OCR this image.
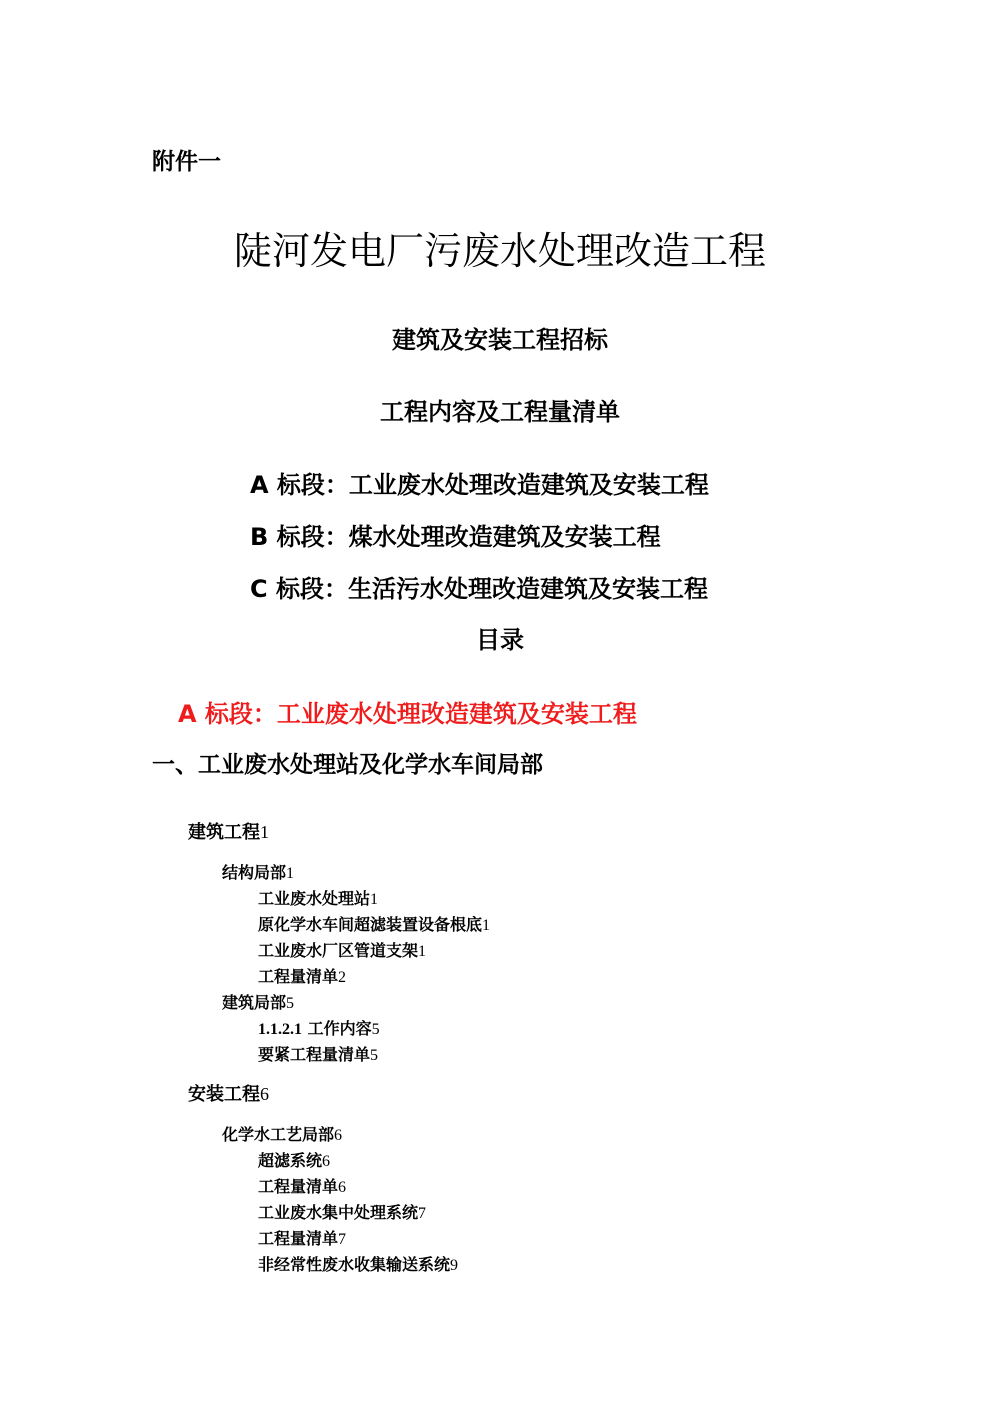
附件一
陡河发电厂污废水处理改造工程
建筑及安装工程招标
工程内容及工程量清单
A 标段：工业废水处理改造建筑及安装工程
B 标段：煤水处理改造建筑及安装工程
C 标段：生活污水处理改造建筑及安装工程
目录
A 标段：工业废水处理改造建筑及安装工程
一、工业废水处理站及化学水车间局部
建筑工程1
结构局部1
工业废水处理站1
原化学水车间超滤装置设备根底1
工业废水厂区管道支架1
工程量清单2
建筑局部5
1.1.2.1 工作内容5
要紧工程量清单5
安装工程6
化学水工艺局部6
超滤系统6
工程量清单6
工业废水集中处理系统7
工程量清单7
非经常性废水收集输送系统9
